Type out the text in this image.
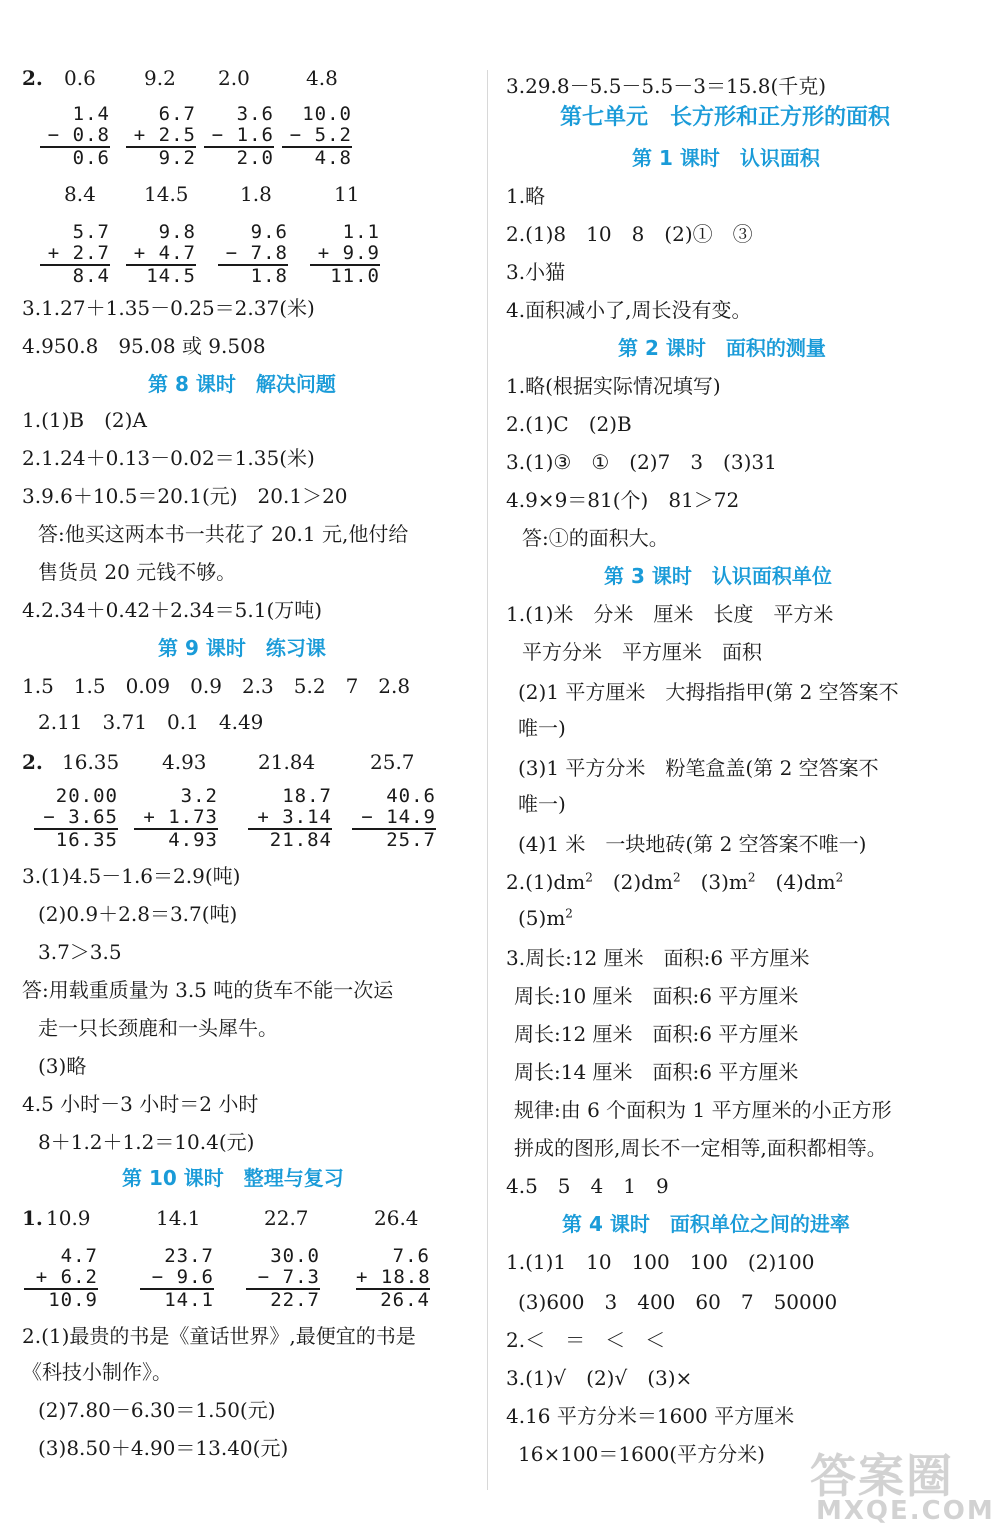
2. 0.6 9.2 2.0	4.8
1.4
− 0.8
0.6
6.7
+ 2.5
9.2
3.6
− 1.6
2.0
10.0
− 5.2
4.8
8.4 14.5	1.8	11
5.7
+ 2.7
8.4
9.8
+ 4.7
14.5
9.6
− 7.8
1.8
1.1
+ 9.9
11.0
3.1.27＋1.35－0.25＝2.37(米)
4.950.8　95.08 或 9.508
第 8 课时　解决问题
1.(1)B　(2)A
2.1.24＋0.13－0.02＝1.35(米)
3.9.6＋10.5＝20.1(元)　20.1＞20
答:他买这两本书一共花了 20.1 元,他付给
售货员 20 元钱不够。
4.2.34＋0.42＋2.34＝5.1(万吨)
第 9 课时　练习课
1.5　1.5　0.09　0.9　2.3　5.2　7　2.8
2.11　3.71　0.1　4.49
2. 16.35 4.93	21.84	25.7
20.00
− 3.65
16.35
3.2
+ 1.73
4.93
18.7
+ 3.14
21.84
40.6
− 14.9
25.7
3.(1)4.5－1.6＝2.9(吨)
(2)0.9＋2.8＝3.7(吨)
3.7＞3.5
答:用载重质量为 3.5 吨的货车不能一次运
走一只长颈鹿和一头犀牛。
(3)略
4.5 小时－3 小时＝2 小时
8＋1.2＋1.2＝10.4(元)
第 10 课时　整理与复习
1. 10.9	14.1	22.7	26.4
4.7
+ 6.2
10.9
23.7
− 9.6
14.1
30.0
− 7.3
22.7
7.6
+ 18.8
26.4
2.(1)最贵的书是《童话世界》,最便宜的书是
《科技小制作》。
(2)7.80－6.30＝1.50(元)
(3)8.50＋4.90＝13.40(元)
3.29.8－5.5－5.5－3＝15.8(千克)
第七单元　长方形和正方形的面积
第 1 课时　认识面积
1.略
2.(1)8　10　8　(2)①　③
3.小猫
4.面积减小了,周长没有变。
第 2 课时　面积的测量
1.略(根据实际情况填写)
2.(1)C　(2)B
3.(1)③　①　(2)7　3　(3)31
4.9×9＝81(个)　81＞72
答:①的面积大。
第 3 课时　认识面积单位
1.(1)米　分米　厘米　长度　平方米
平方分米　平方厘米　面积
(2)1 平方厘米　大拇指指甲(第 2 空答案不
唯一)
(3)1 平方分米　粉笔盒盖(第 2 空答案不
唯一)
(4)1 米　一块地砖(第 2 空答案不唯一)
$2.(1)dm^2$　$(2)dm^2$　$(3)m^2$　$(4)dm^2$
$(5)m^2$
3.周长:12 厘米　面积:6 平方厘米
周长:10 厘米　面积:6 平方厘米
周长:12 厘米　面积:6 平方厘米
周长:14 厘米　面积:6 平方厘米
规律:由 6 个面积为 1 平方厘米的小正方形
拼成的图形,周长不一定相等,面积都相等。
4.5　5　4　1　9
第 4 课时　面积单位之间的进率
1.(1)1　10　100　100　(2)100
(3)600　3　400　60　7　50000
2.＜　＝　＜　＜
3.(1)√　(2)√　(3)×
4.16 平方分米＝1600 平方厘米
16×100＝1600(平方分米) 答案圈
MXQE.COM
